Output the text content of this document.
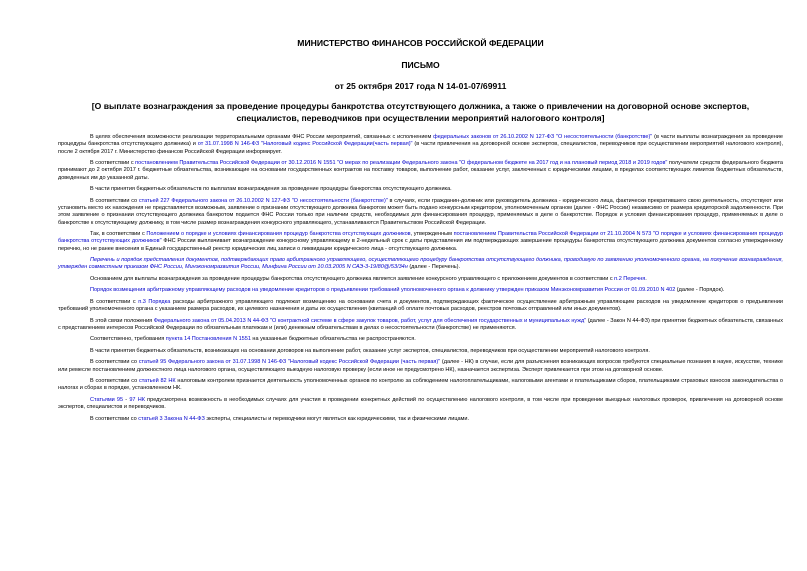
МИНИСТЕРСТВО ФИНАНСОВ РОССИЙСКОЙ ФЕДЕРАЦИИ
ПИСЬМО
от 25 октября 2017 года N 14-01-07/69911
[О выплате вознаграждения за проведение процедуры банкротства отсутствующего должника, а также о привлечении на договорной основе экспертов, специалистов, переводчиков при осуществлении мероприятий налогового контроля]

В целях обеспечения возможности реализации территориальными органами ФНС России мероприятий, связанных с исполнением федеральных законов от 26.10.2002 N 127-ФЗ "О несостоятельности (банкротстве)" (в части выплаты вознаграждения за проведение процедуры банкротства отсутствующего должника) и от 31.07.1998 N 146-ФЗ "Налоговый кодекс Российской Федерации(часть первая)" (в части привлечения на договорной основе экспертов, специалистов, переводчиков при осуществлении мероприятий налогового контроля), после 2 октября 2017 г. Министерство финансов Российской Федерации информирует.

В соответствии с постановлением Правительства Российской Федерации от 30.12.2016 N 1551 "О мерах по реализации Федерального закона "О федеральном бюджете на 2017 год и на плановый период 2018 и 2019 годов" получатели средств федерального бюджета принимают до 2 октября 2017 г. бюджетные обязательства, возникающие на основании государственных контрактов на поставку товаров, выполнение работ, оказание услуг, заключенных с юридическими лицами, в пределах соответствующих лимитов бюджетных обязательств, доведенных им до указанной даты.

В части принятия бюджетных обязательств по выплатам вознаграждения за проведение процедуры банкротства отсутствующего должника.

В соответствии со статьей 227 Федерального закона от 26.10.2002 N 127-ФЗ "О несостоятельности (банкротстве)" в случаях, если гражданин-должник или руководитель должника - юридического лица, фактически прекратившего свою деятельность, отсутствуют или установить место их нахождения не представляется возможным, заявление о признании отсутствующего должника банкротом может быть подано конкурсным кредитором, уполномоченным органом (далее - ФНС России) независимо от размера кредиторской задолженности. При этом заявление о признании отсутствующего должника банкротом подается ФНС России только при наличии средств, необходимых для финансирования процедур, применяемых в деле о банкротстве. Порядок и условия финансирования процедур, применяемых в деле о банкротстве к отсутствующему должнику, в том числе размер вознаграждения конкурсного управляющего, устанавливаются Правительством Российской Федерации.

Так, в соответствии с Положением о порядке и условиях финансирования процедур банкротства отсутствующих должников, утвержденным постановлением Правительства Российской Федерации от 21.10.2004 N 573 "О порядке и условиях финансирования процедур банкротства отсутствующих должников" ФНС России выплачивает вознаграждение конкурсному управляющему в 2-недельный срок с даты представления им подтверждающих завершение процедуры банкротства отсутствующего должника документов согласно утвержденному перечню, но не ранее внесения в Единый государственный реестр юридических лиц записи о ликвидации юридического лица - отсутствующего должника.

Перечень и порядок представления документов, подтверждающих право арбитражного управляющего, осуществляющего процедуру банкротства отсутствующего должника, проводимую по заявлению уполномоченного органа, на получение вознаграждения, утвержден совместным приказом ФНС России, Минэкономразвития России, Минфина России от 10.03.2005 N САЭ-3-19/80@/53/34н (далее - Перечень).

Основанием для выплаты вознаграждения за проведение процедуры банкротства отсутствующего должника является заявление конкурсного управляющего с приложением документов в соответствии с п.2 Перечня.

Порядок возмещения арбитражному управляющему расходов на уведомление кредиторов о предъявлении требований уполномоченного органа к должнику утвержден приказом Минэкономразвития России от 01.09.2010 N 402 (далее - Порядок).

В соответствии с п.3 Порядка расходы арбитражного управляющего подлежат возмещению на основании счета и документов, подтверждающих фактическое осуществление арбитражным управляющим расходов на уведомление кредиторов о предъявлении требований уполномоченного органа с указанием размера расходов, их целевого назначения и даты их осуществления (квитанций об оплате почтовых расходов, реестров почтовых отправлений или иных документов).

В этой связи положения Федерального закона от 05.04.2013 N 44-ФЗ "О контрактной системе в сфере закупок товаров, работ, услуг для обеспечения государственных и муниципальных нужд" (далее - Закон N 44-ФЗ) при принятии бюджетных обязательств, связанных с представлением интересов Российской Федерации по обязательным платежам и (или) денежным обязательствам в делах о несостоятельности (банкротстве) не применяются.

Соответственно, требования пункта 14 Постановления N 1551 на указанные бюджетные обязательства не распространяются.

В части принятия бюджетных обязательств, возникающих на основании договоров на выполнение работ, оказание услуг экспертов, специалистов, переводчиков при осуществлении мероприятий налогового контроля.

В соответствии со статьей 95 Федерального закона от 31.07.1998 N 146-ФЗ "Налоговый кодекс Российской Федерации (часть первая)" (далее - НК) в случае, если для разъяснения возникающих вопросов требуются специальные познания в науке, искусстве, технике или ремесле постановлением должностного лица налогового органа, осуществляющего выездную налоговую проверку (если иное не предусмотрено НК), назначается экспертиза. Эксперт привлекается при этом на договорной основе.

В соответствии со статьей 82 НК налоговым контролем признается деятельность уполномоченных органов по контролю за соблюдением налогоплательщиками, налоговыми агентами и плательщиками сборов, плательщиками страховых взносов законодательства о налогах и сборах в порядке, установленном НК.

Статьями 95 - 97 НК предусмотрена возможность в необходимых случаях для участия в проведении конкретных действий по осуществлению налогового контроля, в том числе при проведении выездных налоговых проверок, привлечения на договорной основе экспертов, специалистов и переводчиков.

В соответствии со статьей 3 Закона N 44-ФЗ эксперты, специалисты и переводчики могут являться как юридическими, так и физическими лицами.
